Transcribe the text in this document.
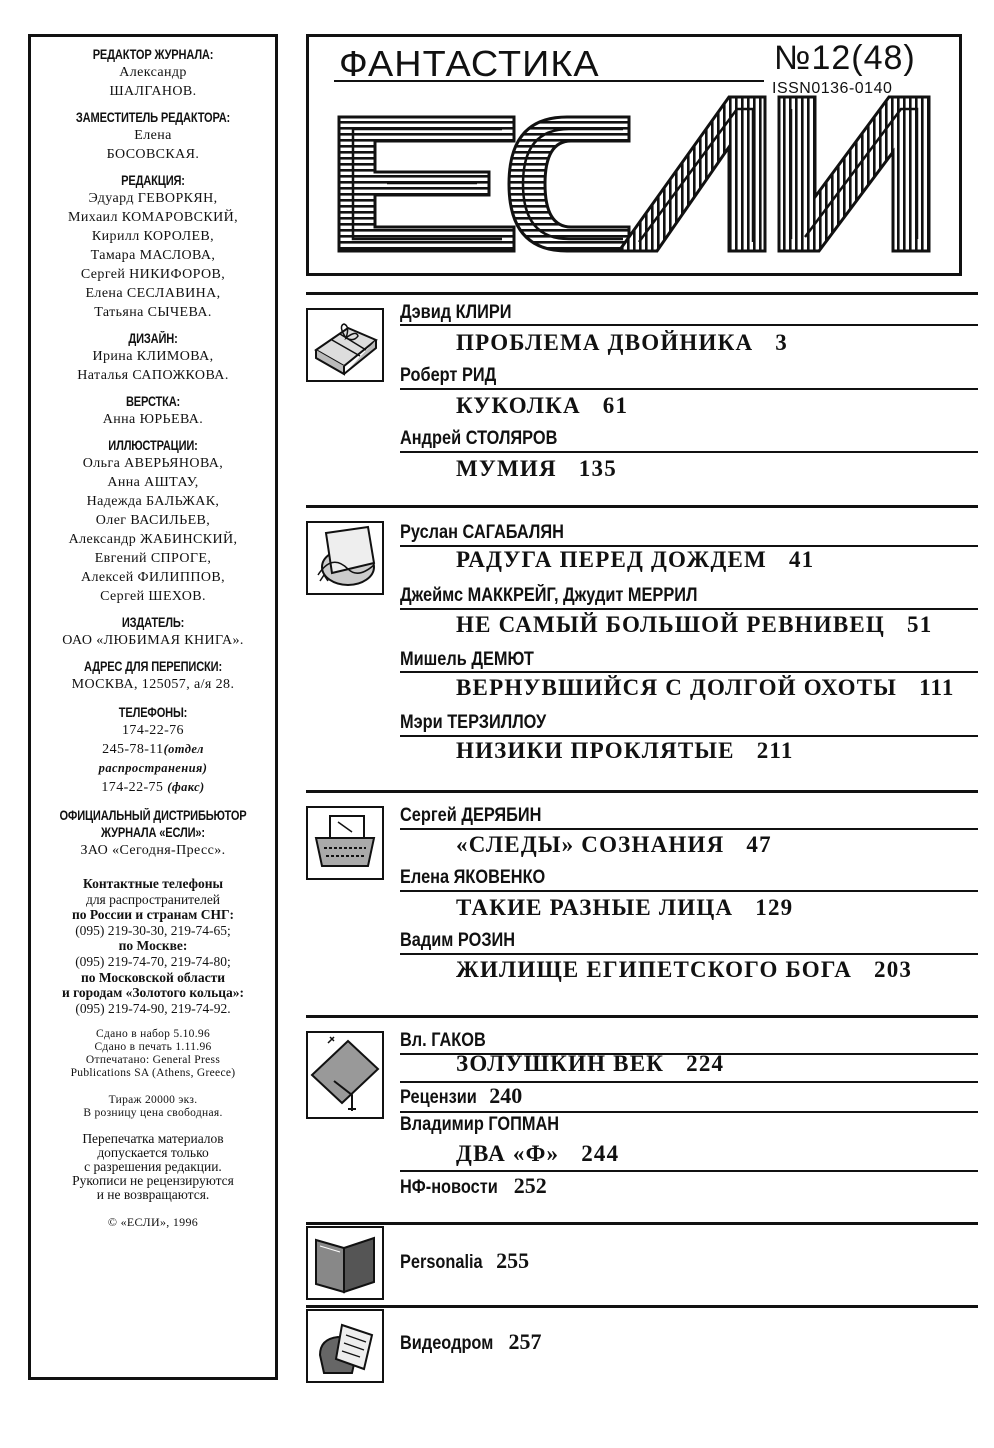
РЕДАКТОР ЖУРНАЛА:
Александр
ШАЛГАНОВ.
ЗАМЕСТИТЕЛЬ РЕДАКТОРА:
Елена
БОСОВСКАЯ.
РЕДАКЦИЯ:
Эдуард ГЕВОРКЯН,
Михаил КОМАРОВСКИЙ,
Кирилл КОРОЛЕВ,
Тамара МАСЛОВА,
Сергей НИКИФОРОВ,
Елена СЕСЛАВИНА,
Татьяна СЫЧЕВА.
ДИЗАЙН:
Ирина КЛИМОВА,
Наталья САПОЖКОВА.
ВЕРСТКА:
Анна ЮРЬЕВА.
ИЛЛЮСТРАЦИИ:
Ольга АВЕРЬЯНОВА,
Анна АШТАУ,
Надежда БАЛЬЖАК,
Олег ВАСИЛЬЕВ,
Александр ЖАБИНСКИЙ,
Евгений СПРОГЕ,
Алексей ФИЛИППОВ,
Сергей ШЕХОВ.
ИЗДАТЕЛЬ:
ОАО «ЛЮБИМАЯ КНИГА».
АДРЕС ДЛЯ ПЕРЕПИСКИ:
МОСКВА, 125057, а/я 28.
ТЕЛЕФОНЫ:
174-22-76
245-78-11(отдел
распространения)
174-22-75 (факс)
ОФИЦИАЛЬНЫЙ ДИСТРИБЬЮТОР
ЖУРНАЛА «ЕСЛИ»:
ЗАО «Сегодня-Пресс».
Контактные телефоны
для распространителей
по России и странам СНГ:
(095) 219-30-30, 219-74-65;
по Москве:
(095) 219-74-70, 219-74-80;
по Московской области
и городам «Золотого кольца»:
(095) 219-74-90, 219-74-92.
Сдано в набор 5.10.96
Сдано в печать 1.11.96
Отпечатано: General Press
Publications SA (Athens, Greece)
Тираж 20000 экз.
В розницу цена свободная.
Перепечатка материалов
допускается только
с разрешения редакции.
Рукописи не рецензируются
и не возвращаются.
© «ЕСЛИ», 1996
ФАНТАСТИКА	№12(48)
ISSN0136-0140
Дэвид КЛИРИ
ПРОБЛЕМА ДВОЙНИКА 3
Роберт РИД
КУКОЛКА 61
Андрей СТОЛЯРОВ
МУМИЯ 135
Руслан САГАБАЛЯН
РАДУГА ПЕРЕД ДОЖДЕМ 41
Джеймс МАККРЕЙГ, Джудит МЕРРИЛ
НЕ САМЫЙ БОЛЬШОЙ РЕВНИВЕЦ 51
Мишель ДЕМЮТ
ВЕРНУВШИЙСЯ С ДОЛГОЙ ОХОТЫ 111
Мэри ТЕРЗИЛЛОУ
НИЗИКИ ПРОКЛЯТЫЕ 211
Сергей ДЕРЯБИН
«СЛЕДЫ» СОЗНАНИЯ 47
Елена ЯКОВЕНКО
ТАКИЕ РАЗНЫЕ ЛИЦА 129
Вадим РОЗИН
ЖИЛИЩЕ ЕГИПЕТСКОГО БОГА 203
Вл. ГАКОВ
ЗОЛУШКИН ВЕК 224
Рецензии 240
Владимир ГОПМАН
ДВА «Ф» 244
НФ-новости 252
Personalia 255
Видеодром 257
